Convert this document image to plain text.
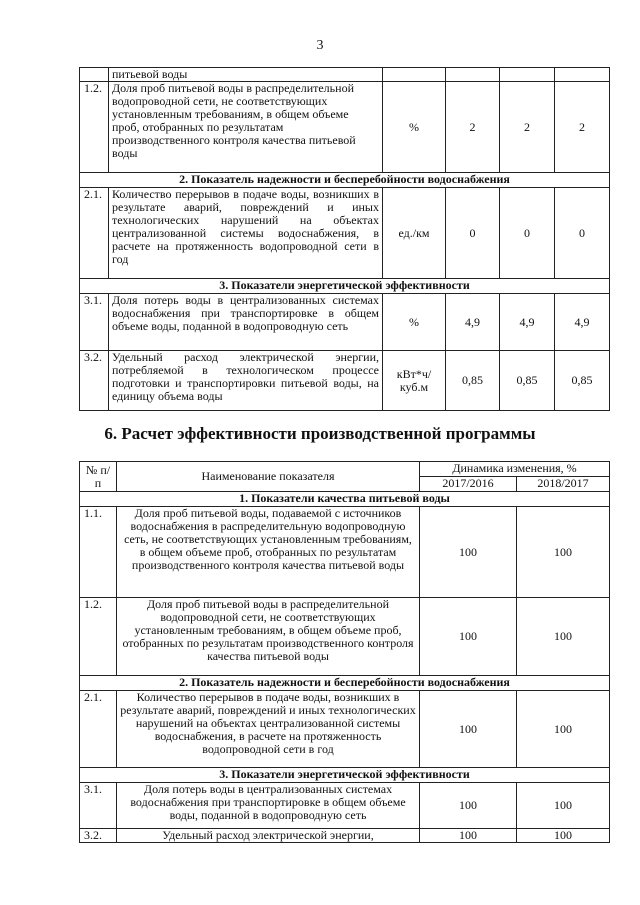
3
	питьевой воды				
1.2.	Доля проб питьевой воды в распределительной водопроводной сети, не соответствующих установленным требованиям, в общем объеме проб, отобранных по результатам производственного контроля качества питьевой воды	%	2	2	2
2. Показатель надежности и бесперебойности водоснабжения					
2.1.	Количество перерывов в подаче воды, возникших в результате аварий, повреждений и иных технологических нарушений на объектах централизованной системы водоснабжения, в расчете на протяженность водопроводной сети в год	ед./км	0	0	0
3. Показатели энергетической эффективности					
3.1.	Доля потерь воды в централизованных системах водоснабжения при транспортировке в общем объеме воды, поданной в водопроводную сеть	%	4,9	4,9	4,9
3.2.	Удельный расход электрической энергии, потребляемой в технологическом процессе подготовки и транспортировки питьевой воды, на единицу объема воды	кВт*ч/ куб.м	0,85	0,85	0,85
6. Расчет эффективности производственной программы
№ п/п	Наименование показателя	Динамика изменения, %	
		2017/2016	2018/2017
1. Показатели качества питьевой воды			
1.1.	Доля проб питьевой воды, подаваемой с источников водоснабжения в распределительную водопроводную сеть, не соответствующих установленным требованиям, в общем объеме проб, отобранных по результатам производственного контроля качества питьевой воды	100	100
1.2.	Доля проб питьевой воды в распределительной водопроводной сети, не соответствующих установленным требованиям, в общем объеме проб, отобранных по результатам производственного контроля качества питьевой воды	100	100
2. Показатель надежности и бесперебойности водоснабжения			
2.1.	Количество перерывов в подаче воды, возникших в результате аварий, повреждений и иных технологических нарушений на объектах централизованной системы водоснабжения, в расчете на протяженность водопроводной сети в год	100	100
3. Показатели энергетической эффективности			
3.1.	Доля потерь воды в централизованных системах водоснабжения при транспортировке в общем объеме воды, поданной в водопроводную сеть	100	100
3.2.	Удельный расход электрической энергии,	100	100
